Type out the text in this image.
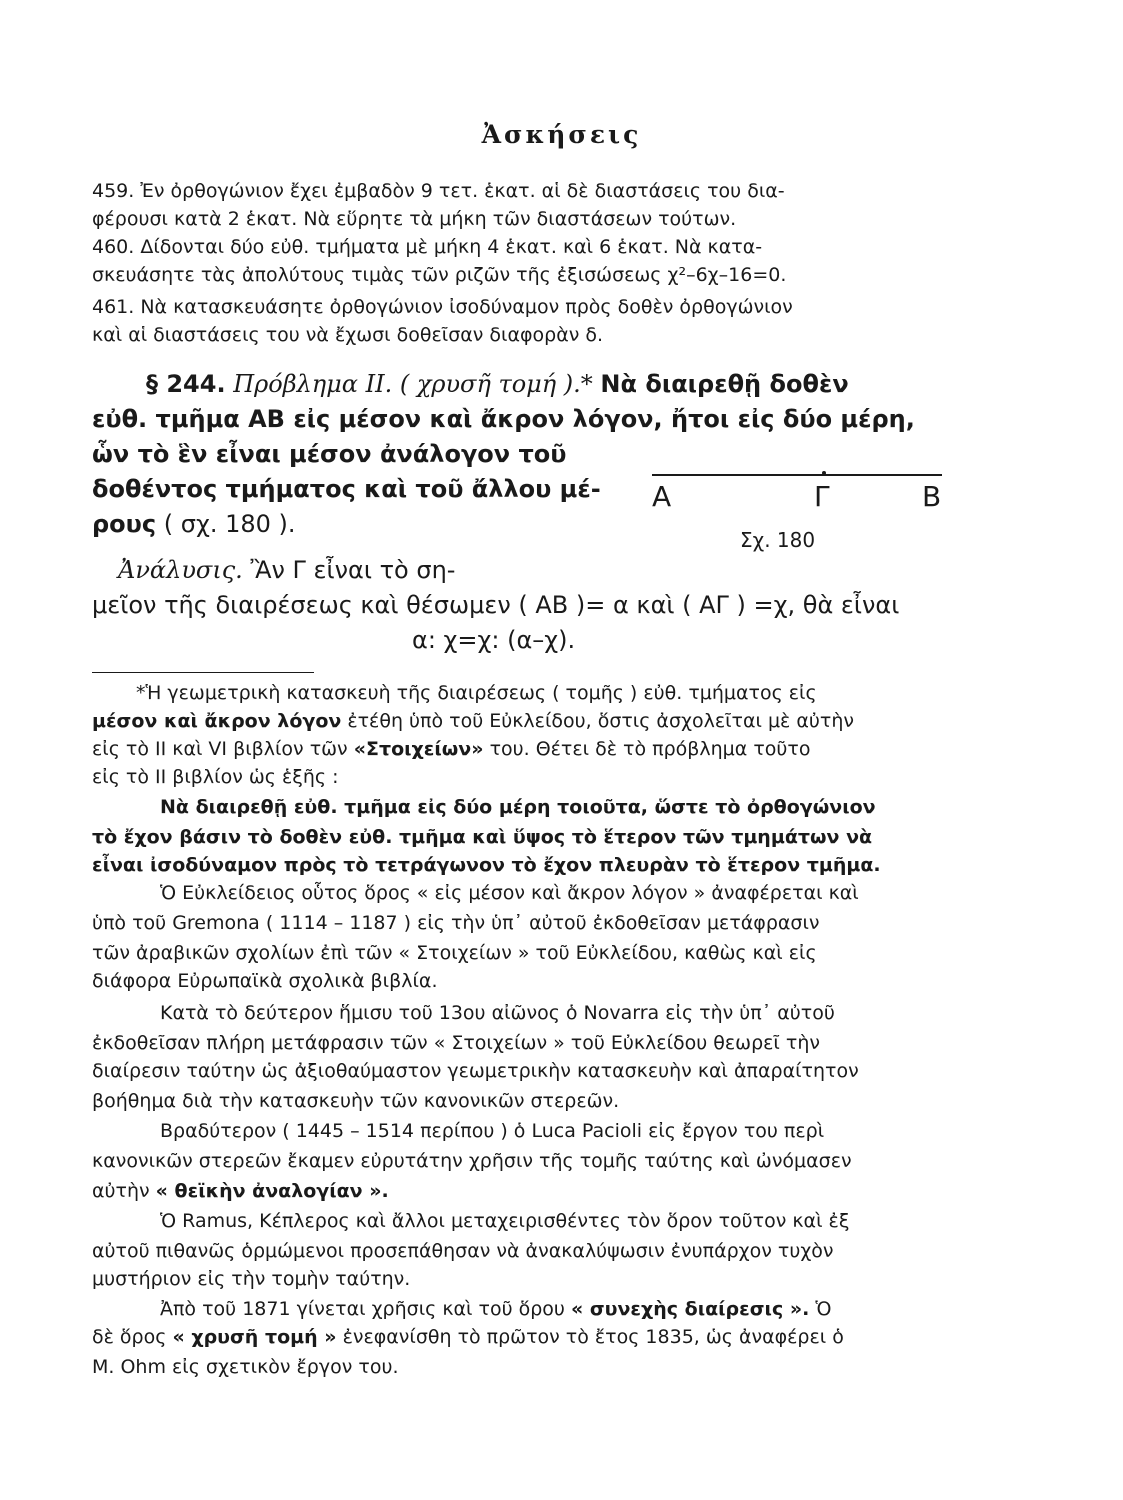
Ἀσκήσεις
459. Ἐν ὀρθογώνιον ἔχει ἐμβαδὸν 9 τετ. ἑκατ. αἱ δὲ διαστάσεις του δια-
φέρουσι κατὰ 2 ἑκατ. Νὰ εὕρητε τὰ μήκη τῶν διαστάσεων τούτων.
460. Δίδονται δύο εὐθ. τμήματα μὲ μήκη 4 ἑκατ. καὶ 6 ἑκατ. Νὰ κατα-
σκευάσητε τὰς ἀπολύτους τιμὰς τῶν ριζῶν τῆς ἐξισώσεως χ²–6χ–16=0.
461. Νὰ κατασκευάσητε ὀρθογώνιον ἰσοδύναμον πρὸς δοθὲν ὀρθογώνιον
καὶ αἱ διαστάσεις του νὰ ἔχωσι δοθεῖσαν διαφορὰν δ.
§ 244. Πρόβλημα ΙΙ. ( χρυσῆ τομή ).* Νὰ διαιρεθῇ δοθὲν
εὐθ. τμῆμα ΑΒ εἰς μέσον καὶ ἄκρον λόγον, ἤτοι εἰς δύο μέρη,
ὧν τὸ ἓν εἶναι μέσον ἀνάλογον τοῦ
δοθέντος τμήματος καὶ τοῦ ἄλλου μέ-
ρους ( σχ. 180 ).
Α	Γ	Β
Σχ. 180
Ἀνάλυσις. Ἂν Γ εἶναι τὸ ση-
μεῖον τῆς διαιρέσεως καὶ θέσωμεν ( ΑΒ )= α καὶ ( ΑΓ ) =χ, θὰ εἶναι
α: χ=χ: (α–χ).
*Ἡ γεωμετρικὴ κατασκευὴ τῆς διαιρέσεως ( τομῆς ) εὐθ. τμήματος εἰς
μέσον καὶ ἄκρον λόγον ἐτέθη ὑπὸ τοῦ Εὐκλείδου, ὅστις ἀσχολεῖται μὲ αὐτὴν
εἰς τὸ ΙΙ καὶ VI βιβλίον τῶν «Στοιχείων» του. Θέτει δὲ τὸ πρόβλημα τοῦτο
εἰς τὸ ΙΙ βιβλίον ὡς ἑξῆς :
Νὰ διαιρεθῇ εὐθ. τμῆμα εἰς δύο μέρη τοιοῦτα, ὥστε τὸ ὀρθογώνιον
τὸ ἔχον βάσιν τὸ δοθὲν εὐθ. τμῆμα καὶ ὕψος τὸ ἕτερον τῶν τμημάτων νὰ
εἶναι ἰσοδύναμον πρὸς τὸ τετράγωνον τὸ ἔχον πλευρὰν τὸ ἕτερον τμῆμα.
Ὁ Εὐκλείδειος οὗτος ὅρος « εἰς μέσον καὶ ἄκρον λόγον » ἀναφέρεται καὶ
ὑπὸ τοῦ Gremona ( 1114 – 1187 ) εἰς τὴν ὑπ᾽ αὐτοῦ ἐκδοθεῖσαν μετάφρασιν
τῶν ἀραβικῶν σχολίων ἐπὶ τῶν « Στοιχείων » τοῦ Εὐκλείδου, καθὼς καὶ εἰς
διάφορα Εὐρωπαϊκὰ σχολικὰ βιβλία.
Κατὰ τὸ δεύτερον ἥμισυ τοῦ 13ου αἰῶνος ὁ Novarra εἰς τὴν ὑπ᾽ αὐτοῦ
ἐκδοθεῖσαν πλήρη μετάφρασιν τῶν « Στοιχείων » τοῦ Εὐκλείδου θεωρεῖ τὴν
διαίρεσιν ταύτην ὡς ἀξιοθαύμαστον γεωμετρικὴν κατασκευὴν καὶ ἀπαραίτητον
βοήθημα διὰ τὴν κατασκευὴν τῶν κανονικῶν στερεῶν.
Βραδύτερον ( 1445 – 1514 περίπου ) ὁ Luca Pacioli εἰς ἔργον του περὶ
κανονικῶν στερεῶν ἔκαμεν εὐρυτάτην χρῆσιν τῆς τομῆς ταύτης καὶ ὠνόμασεν
αὐτὴν « θεϊκὴν ἀναλογίαν ».
Ὁ Ramus, Κέπλερος καὶ ἄλλοι μεταχειρισθέντες τὸν ὅρον τοῦτον καὶ ἐξ
αὐτοῦ πιθανῶς ὁρμώμενοι προσεπάθησαν νὰ ἀνακαλύψωσιν ἐνυπάρχον τυχὸν
μυστήριον εἰς τὴν τομὴν ταύτην.
Ἀπὸ τοῦ 1871 γίνεται χρῆσις καὶ τοῦ ὅρου « συνεχὴς διαίρεσις ». Ὁ
δὲ ὅρος « χρυσῆ τομή » ἐνεφανίσθη τὸ πρῶτον τὸ ἔτος 1835, ὡς ἀναφέρει ὁ
M. Ohm εἰς σχετικὸν ἔργον του.
